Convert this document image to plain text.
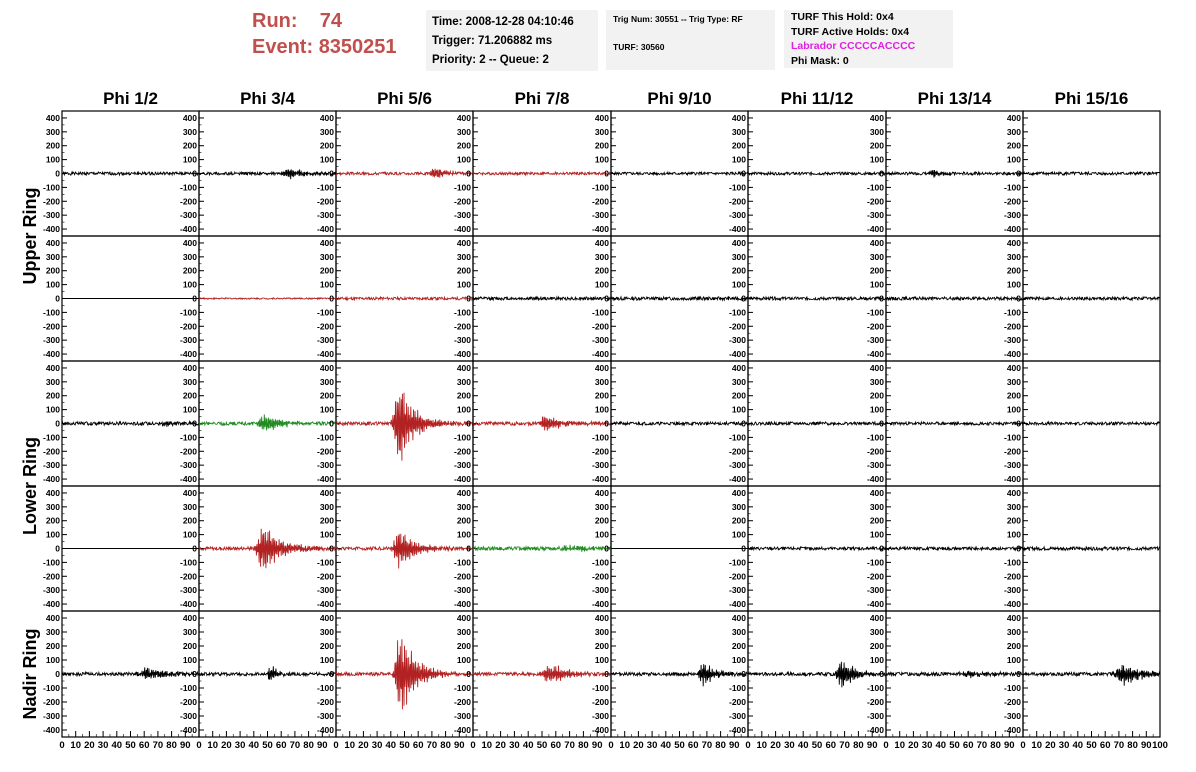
Run: 74
Event: 8350251
Time: 2008-12-28 04:10:46
Trigger: 71.206882 ms
Priority: 2 -- Queue: 2
Trig Num: 30551 -- Trig Type: RF
TURF: 30560
TURF This Hold: 0x4
TURF Active Holds: 0x4
Labrador CCCCCACCCC
Phi Mask: 0
Phi 1/2	Phi 3/4	Phi 5/6	Phi 7/8	Phi 9/10	Phi 11/12	Phi 13/14	Phi 15/16
Upper Ring
Lower Ring
Nadir Ring
400
300
200
100
0
-100
-200
-300
-400
400
300
200
100
0
-100
-200
-300
-400
400
300
200
100
0
-100
-200
-300
-400
400
300
200
100
0
-100
-200
-300
-400
400
300
200
100
0
-100
-200
-300
-400
400
300
200
100
0
-100
-200
-300
-400
400
300
200
100
0
-100
-200
-300
-400
400
300
200
100
0
-100
-200
-300
-400
400
300
200
100
0
-100
-200
-300
-400
400
300
200
100
0
-100
-200
-300
-400
400
300
200
100
0
-100
-200
-300
-400
400
300
200
100
0
-100
-200
-300
-400
400
300
200
100
0
-100
-200
-300
-400
400
300
200
100
0
-100
-200
-300
-400
400
300
200
100
0
-100
-200
-300
-400
400
300
200
100
0
-100
-200
-300
-400
400
300
200
100
0
-100
-200
-300
-400
400
300
200
100
0
-100
-200
-300
-400
400
300
200
100
0
-100
-200
-300
-400
400
300
200
100
0
-100
-200
-300
-400
400
300
200
100
0
-100
-200
-300
-400
400
300
200
100
0
-100
-200
-300
-400
400
300
200
100
0
-100
-200
-300
-400
400
300
200
100
0
-100
-200
-300
-400
400
300
200
100
0
-100
-200
-300
-400
400
300
200
100
0
-100
-200
-300
-400
400
300
200
100
0
-100
-200
-300
-400
400
300
200
100
0
-100
-200
-300
-400
400
300
200
100
0
-100
-200
-300
-400
400
300
200
100
0
-100
-200
-300
-400
400
300
200
100
0
-100
-200
-300
-400
400
300
200
100
0
-100
-200
-300
-400
400
300
200
100
0
-100
-200
-300
-400
400
300
200
100
0
-100
-200
-300
-400
400
300
200
100
0
-100
-200
-300
-400
400
300
200
100
0
-100
-200
-300
-400
400
300
200
100
0
-100
-200
-300
-400
400
300
200
100
0
-100
-200
-300
-400
400
300
200
100
0
-100
-200
-300
-400
400
300
200
100
0
-100
-200
-300
-400
0 10 20 30 40 50 60 70 80 90 0 10 20 30 40 50 60 70 80 90 0 10 20 30 40 50 60 70 80 90 0 10 20 30 40 50 60 70 80 90 0 10 20 30 40 50 60 70 80 90 0 10 20 30 40 50 60 70 80 90 0 10 20 30 40 50 60 70 80 90 0 10 20 30 40 50 60 70 80 90 100
